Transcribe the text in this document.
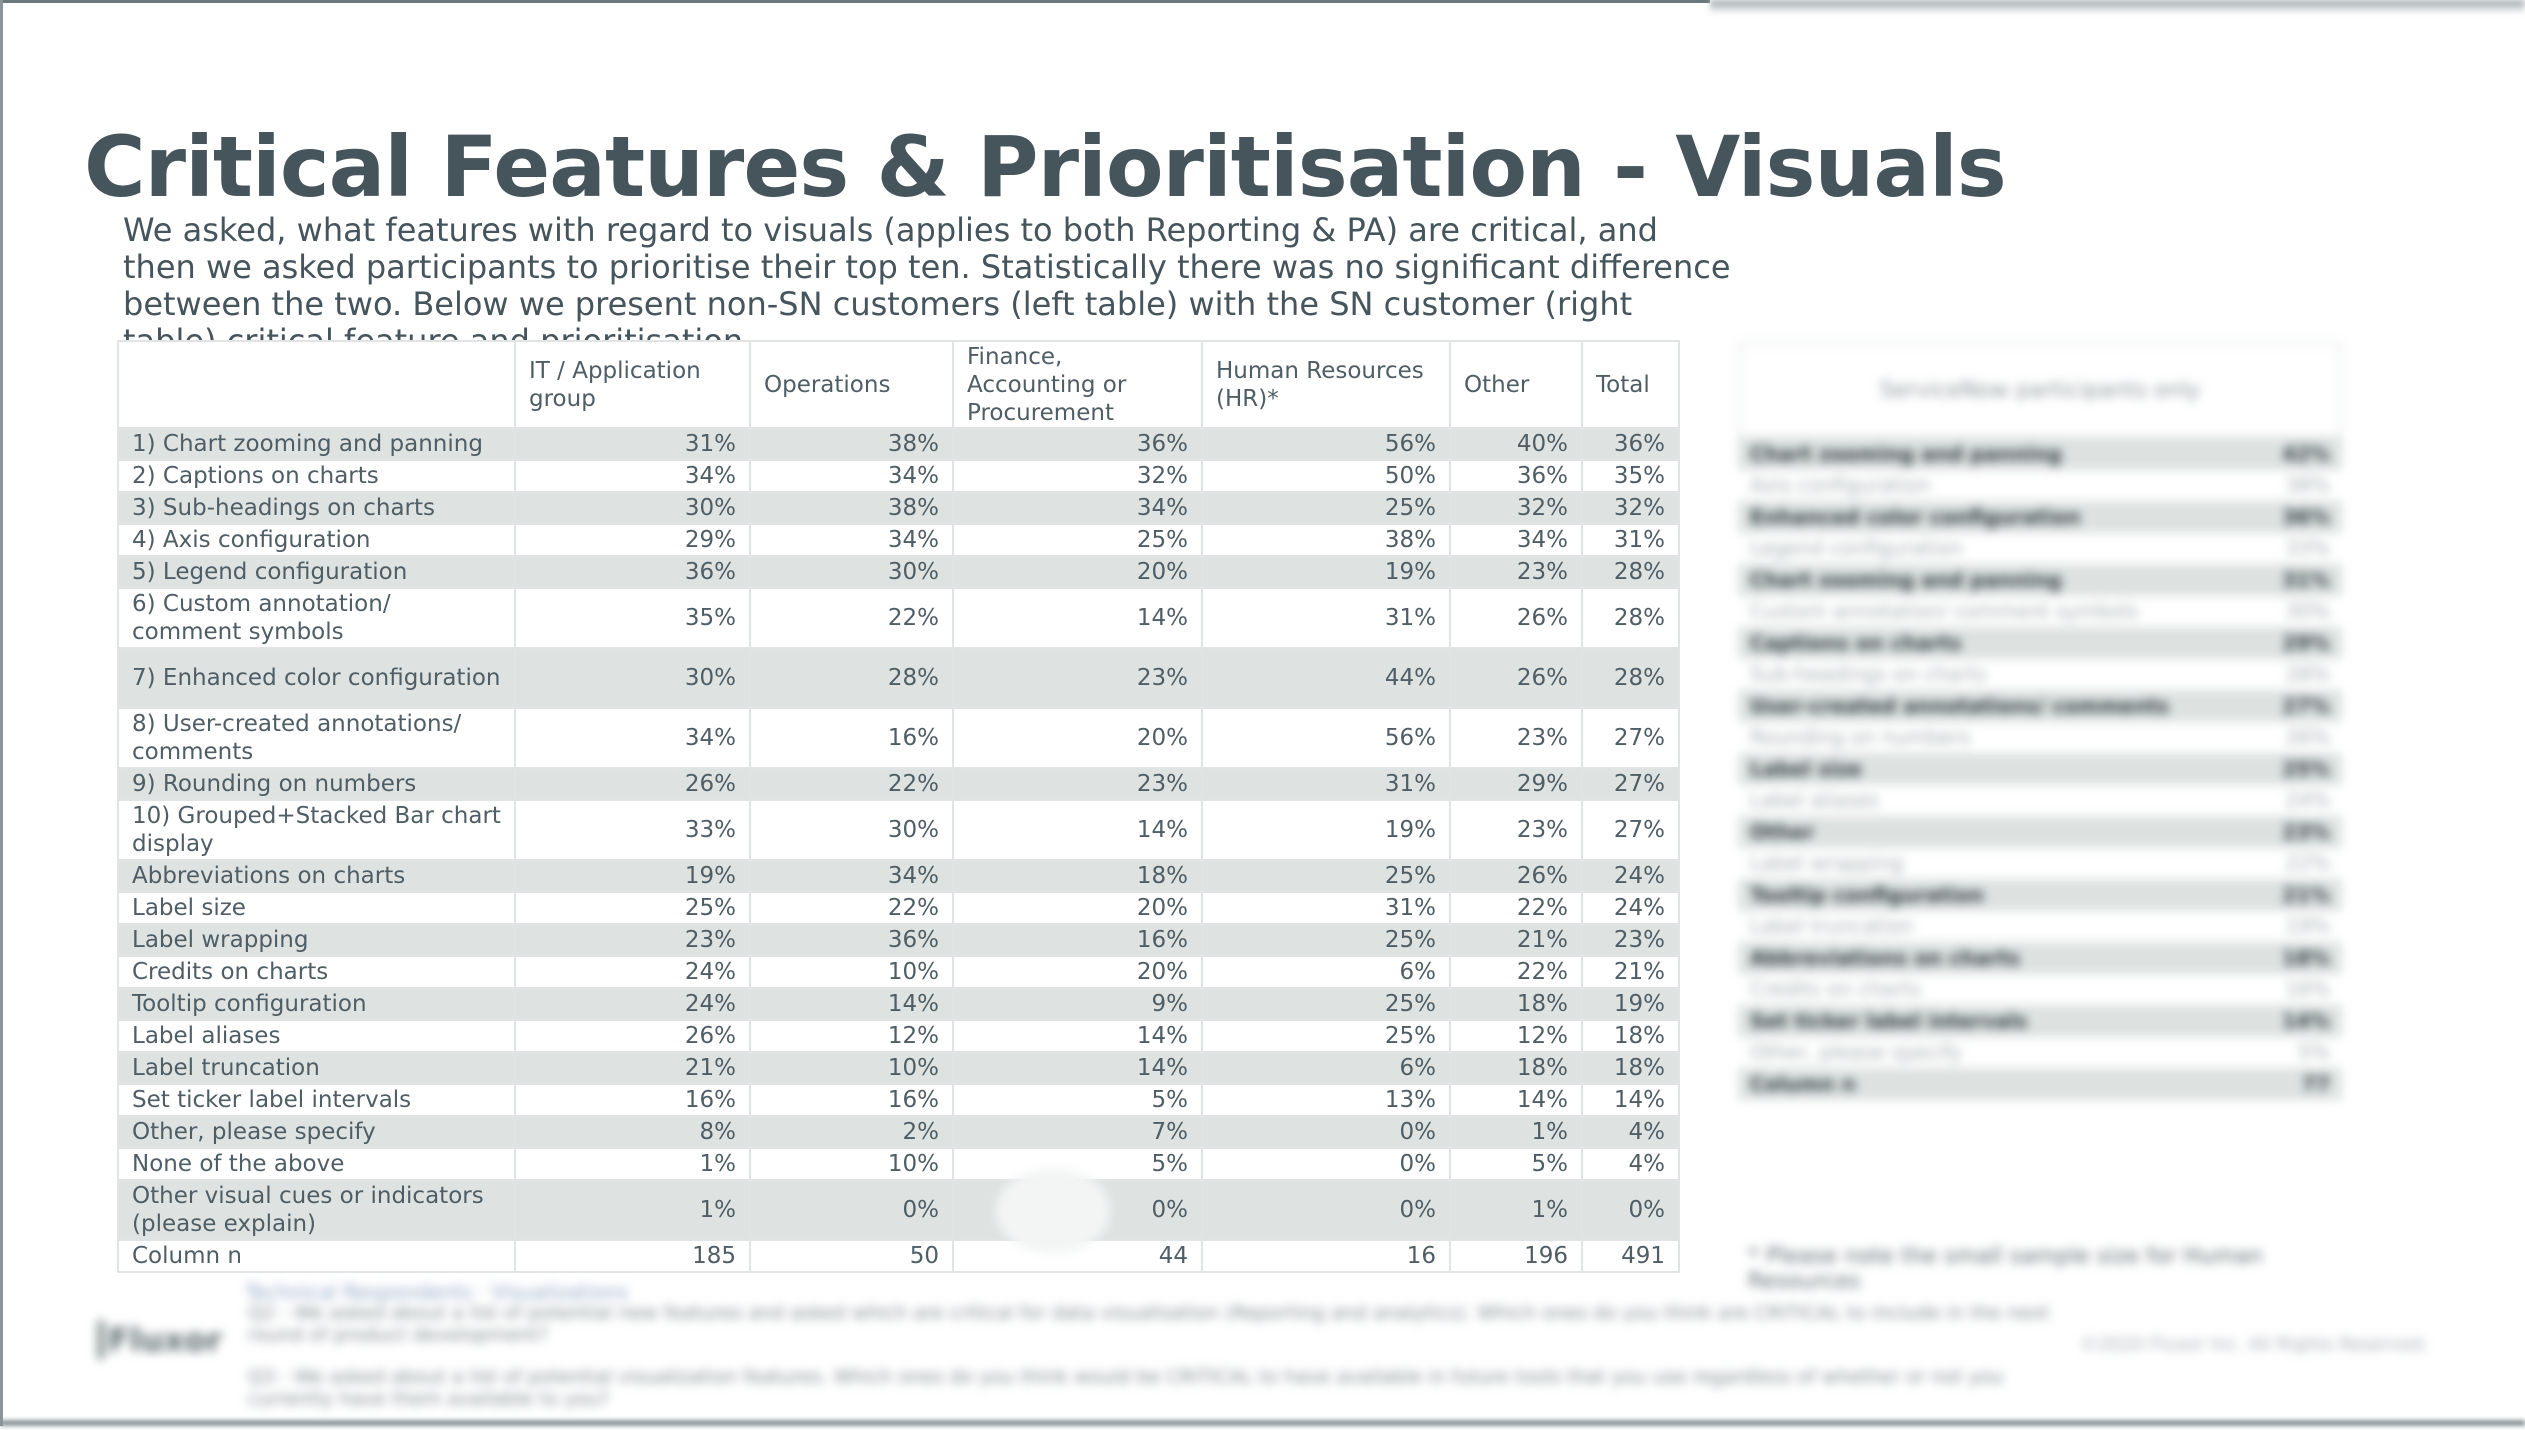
Critical Features & Prioritisation - Visuals

We asked, what features with regard to visuals (applies to both Reporting & PA) are critical, and then we asked participants to prioritise their top ten. Statistically there was no significant difference between the two. Below we present non-SN customers (left table) with the SN customer (right

	IT / Application group	Operations	Finance, Accounting or Procurement	Human Resources (HR)*	Other	Total
1) Chart zooming and panning	31%	38%	36%	56%	40%	36%
2) Captions on charts	34%	34%	32%	50%	36%	35%
3) Sub-headings on charts	30%	38%	34%	25%	32%	32%
4) Axis configuration	29%	34%	25%	38%	34%	31%
5) Legend configuration	36%	30%	20%	19%	23%	28%
6) Custom annotation/ comment symbols	35%	22%	14%	31%	26%	28%
7) Enhanced color configuration	30%	28%	23%	44%	26%	28%
8) User-created annotations/ comments	34%	16%	20%	56%	23%	27%
9) Rounding on numbers	26%	22%	23%	31%	29%	27%
10) Grouped+Stacked Bar chart display	33%	30%	14%	19%	23%	27%
Abbreviations on charts	19%	34%	18%	25%	26%	24%
Label size	25%	22%	20%	31%	22%	24%
Label wrapping	23%	36%	16%	25%	21%	23%
Credits on charts	24%	10%	20%	6%	22%	21%
Tooltip configuration	24%	14%	9%	25%	18%	19%
Label aliases	26%	12%	14%	25%	12%	18%
Label truncation	21%	10%	14%	6%	18%	18%
Set ticker label intervals	16%	16%	5%	13%	14%	14%
Other, please specify	8%	2%	7%	0%	1%	4%
None of the above	1%	10%	5%	0%	5%	4%
Other visual cues or indicators (please explain)	1%	0%	0%	0%	1%	0%
Column n	185	50	44	16	196	491
ServiceNow participants only
Chart zooming and panning	42%
Axis configuration	38%
Enhanced color configuration	36%
Legend configuration	33%
Chart zooming and panning	31%
Custom annotation/ comment symbols	30%
Captions on charts	29%
Sub-headings on charts	28%
User-created annotations/ comments	27%
Rounding on numbers	26%
Label size	25%
Label aliases	24%
Other	23%
Label wrapping	22%
Tooltip configuration	21%
Label truncation	19%
Abbreviations on charts	18%
Credits on charts	16%
Set ticker label intervals	14%
Other, please specify	5%
Column n	77
* Please note the small sample size for Human Resources
Technical Respondents · Visualizations
Fluxor

Q2 - We asked about a list of potential new features and asked which are critical for data visualisation (Reporting and analytics). Which ones do you think are CRITICAL to include in the next round of product development?

Q3 - We asked about a list of potential visualization features. Which ones do you think would be CRITICAL to have available in future tools that you use regardless of whether or not you currently have them available to you?

©2020 Fluxor Inc. All Rights Reserved.
